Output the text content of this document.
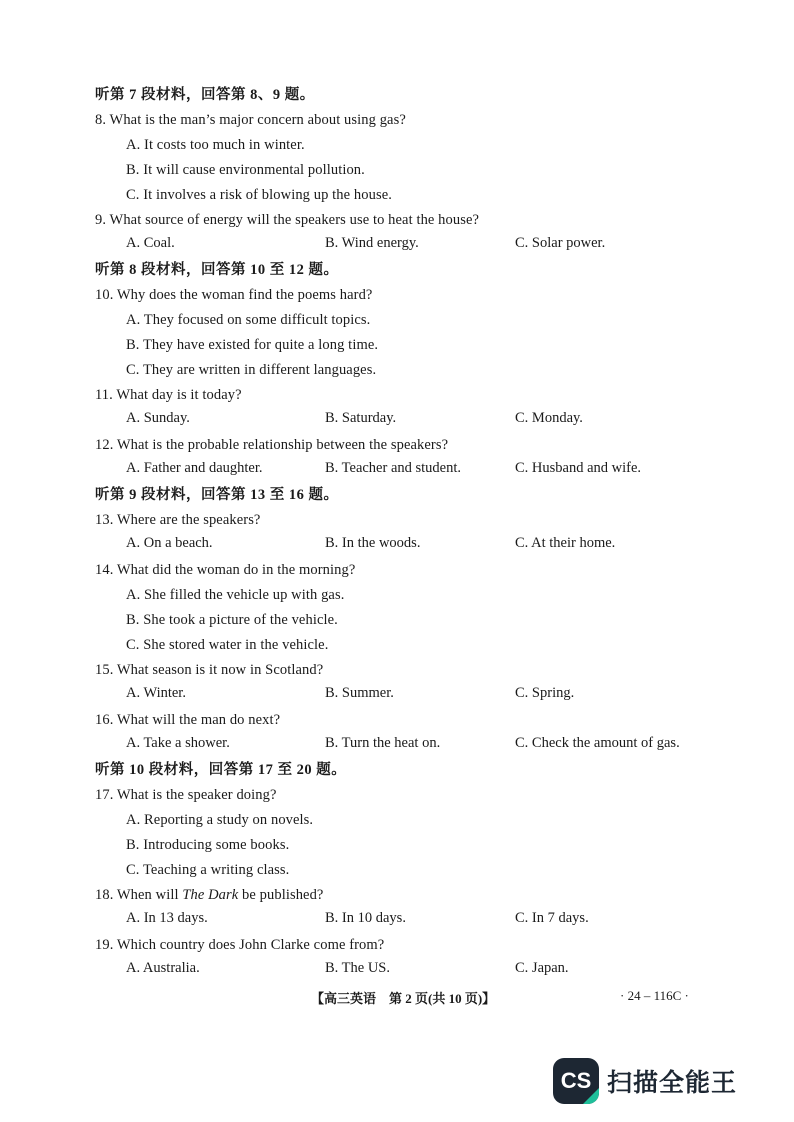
听第 7 段材料，回答第 8、9 题。
8. What is the man’s major concern about using gas?
A. It costs too much in winter.
B. It will cause environmental pollution.
C. It involves a risk of blowing up the house.
9. What source of energy will the speakers use to heat the house?
A. Coal.	B. Wind energy.	C. Solar power.
听第 8 段材料，回答第 10 至 12 题。
10. Why does the woman find the poems hard?
A. They focused on some difficult topics.
B. They have existed for quite a long time.
C. They are written in different languages.
11. What day is it today?
A. Sunday.	B. Saturday.	C. Monday.
12. What is the probable relationship between the speakers?
A. Father and daughter.	B. Teacher and student.	C. Husband and wife.
听第 9 段材料，回答第 13 至 16 题。
13. Where are the speakers?
A. On a beach.	B. In the woods.	C. At their home.
14. What did the woman do in the morning?
A. She filled the vehicle up with gas.
B. She took a picture of the vehicle.
C. She stored water in the vehicle.
15. What season is it now in Scotland?
A. Winter.	B. Summer.	C. Spring.
16. What will the man do next?
A. Take a shower.	B. Turn the heat on.	C. Check the amount of gas.
听第 10 段材料，回答第 17 至 20 题。
17. What is the speaker doing?
A. Reporting a study on novels.
B. Introducing some books.
C. Teaching a writing class.
18. When will The Dark be published?
A. In 13 days.	B. In 10 days.	C. In 7 days.
19. Which country does John Clarke come from?
A. Australia.	B. The US.	C. Japan.
【高三英语　第 2 页(共 10 页)】	· 24 – 116C ·
CS 扫描全能王
